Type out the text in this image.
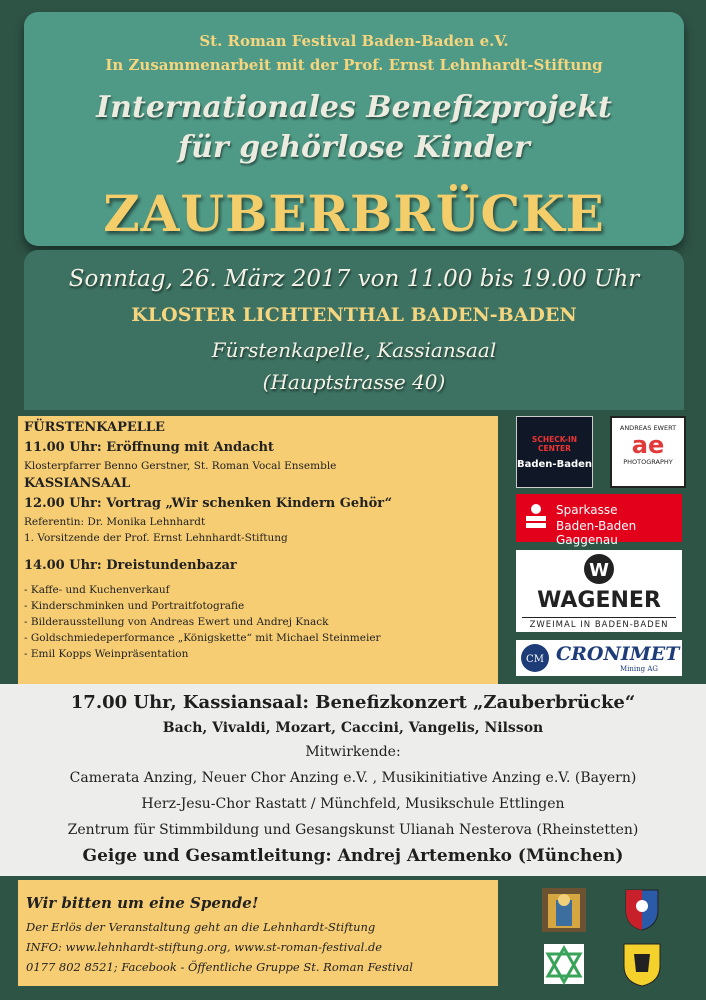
St. Roman Festival Baden-Baden e.V.
In Zusammenarbeit mit der Prof. Ernst Lehnhardt-Stiftung
Internationales Benefizprojekt
für gehörlose Kinder
ZAUBERBRÜCKE
Sonntag, 26. März 2017 von 11.00 bis 19.00 Uhr
KLOSTER LICHTENTHAL BADEN-BADEN
Fürstenkapelle, Kassiansaal
(Hauptstrasse 40)
FÜRSTENKAPELLE
11.00 Uhr: Eröffnung mit Andacht
Klosterpfarrer Benno Gerstner, St. Roman Vocal Ensemble
KASSIANSAAL
12.00 Uhr: Vortrag „Wir schenken Kindern Gehör“
Referentin: Dr. Monika Lehnhardt
1. Vorsitzende der Prof. Ernst Lehnhardt-Stiftung
14.00 Uhr: Dreistundenbazar
- Kaffe- und Kuchenverkauf
- Kinderschminken und Portraitfotografie
- Bilderausstellung von Andreas Ewert und Andrej Knack
- Goldschmiedeperformance „Königskette“ mit Michael Steinmeier
- Emil Kopps Weinpräsentation
SCHECK-IN CENTER
Baden-Baden
ANDREAS EWERT
ae
PHOTOGRAPHY
Sparkasse
Baden-Baden Gaggenau
W
WAGENER
ZWEIMAL IN BADEN-BADEN
CM CRONIMET
Mining AG
17.00 Uhr, Kassiansaal: Benefizkonzert „Zauberbrücke“
Bach, Vivaldi, Mozart, Caccini, Vangelis, Nilsson
Mitwirkende:
Camerata Anzing, Neuer Chor Anzing e.V. , Musikinitiative Anzing e.V. (Bayern)
Herz-Jesu-Chor Rastatt / Münchfeld, Musikschule Ettlingen
Zentrum für Stimmbildung und Gesangskunst Ulianah Nesterova (Rheinstetten)
Geige und Gesamtleitung: Andrej Artemenko (München)
Wir bitten um eine Spende!
Der Erlös der Veranstaltung geht an die Lehnhardt-Stiftung
INFO: www.lehnhardt-stiftung.org, www.st-roman-festival.de
0177 802 8521; Facebook - Öffentliche Gruppe St. Roman Festival
